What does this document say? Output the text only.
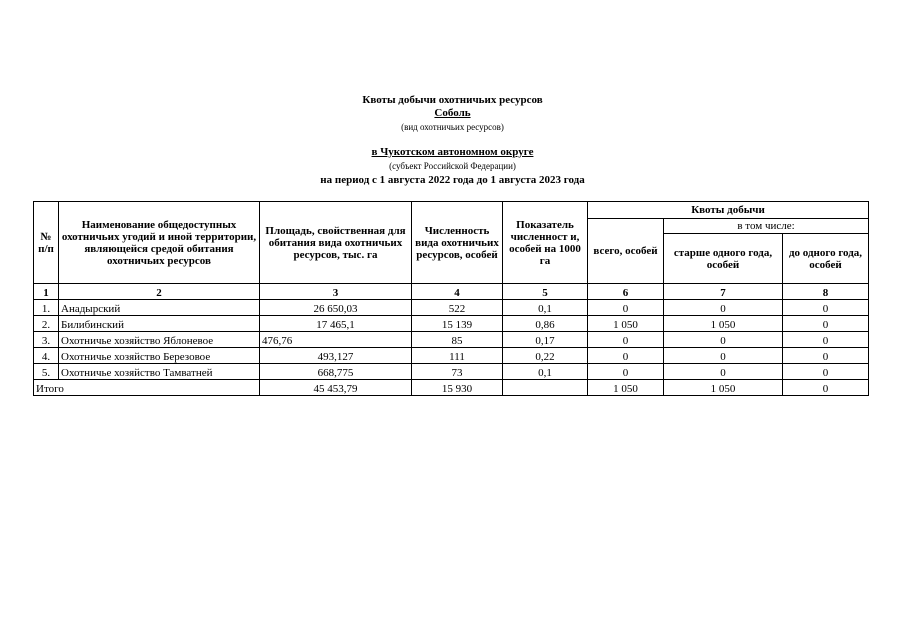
Квоты добычи охотничьих ресурсов
Соболь
(вид охотничьих ресурсов)
в Чукотском автономном округе
(субъект Российской Федерации)
на период с 1 августа 2022 года до 1 августа 2023 года
№ п/п	Наименование общедоступных охотничьих угодий и иной территории, являющейся средой обитания охотничьих ресурсов	Площадь, свойственная для обитания вида охотничьих ресурсов, тыс. га	Численность вида охотничьих ресурсов, особей	Показатель численност и, особей на 1000 га	Квоты добычи		
					всего, особей	в том числе:	
						старше одного года, особей	до одного года, особей
1	2	3	4	5	6	7	8
1.	Анадырский	26 650,03	522	0,1	0	0	0
2.	Билибинский	17 465,1	15 139	0,86	1 050	1 050	0
3.	Охотничье хозяйство Яблоневое	476,76	85	0,17	0	0	0
4.	Охотничье хозяйство Березовое	493,127	111	0,22	0	0	0
5.	Охотничье хозяйство Тамватней	668,775	73	0,1	0	0	0
Итого		45 453,79	15 930		1 050	1 050	0
